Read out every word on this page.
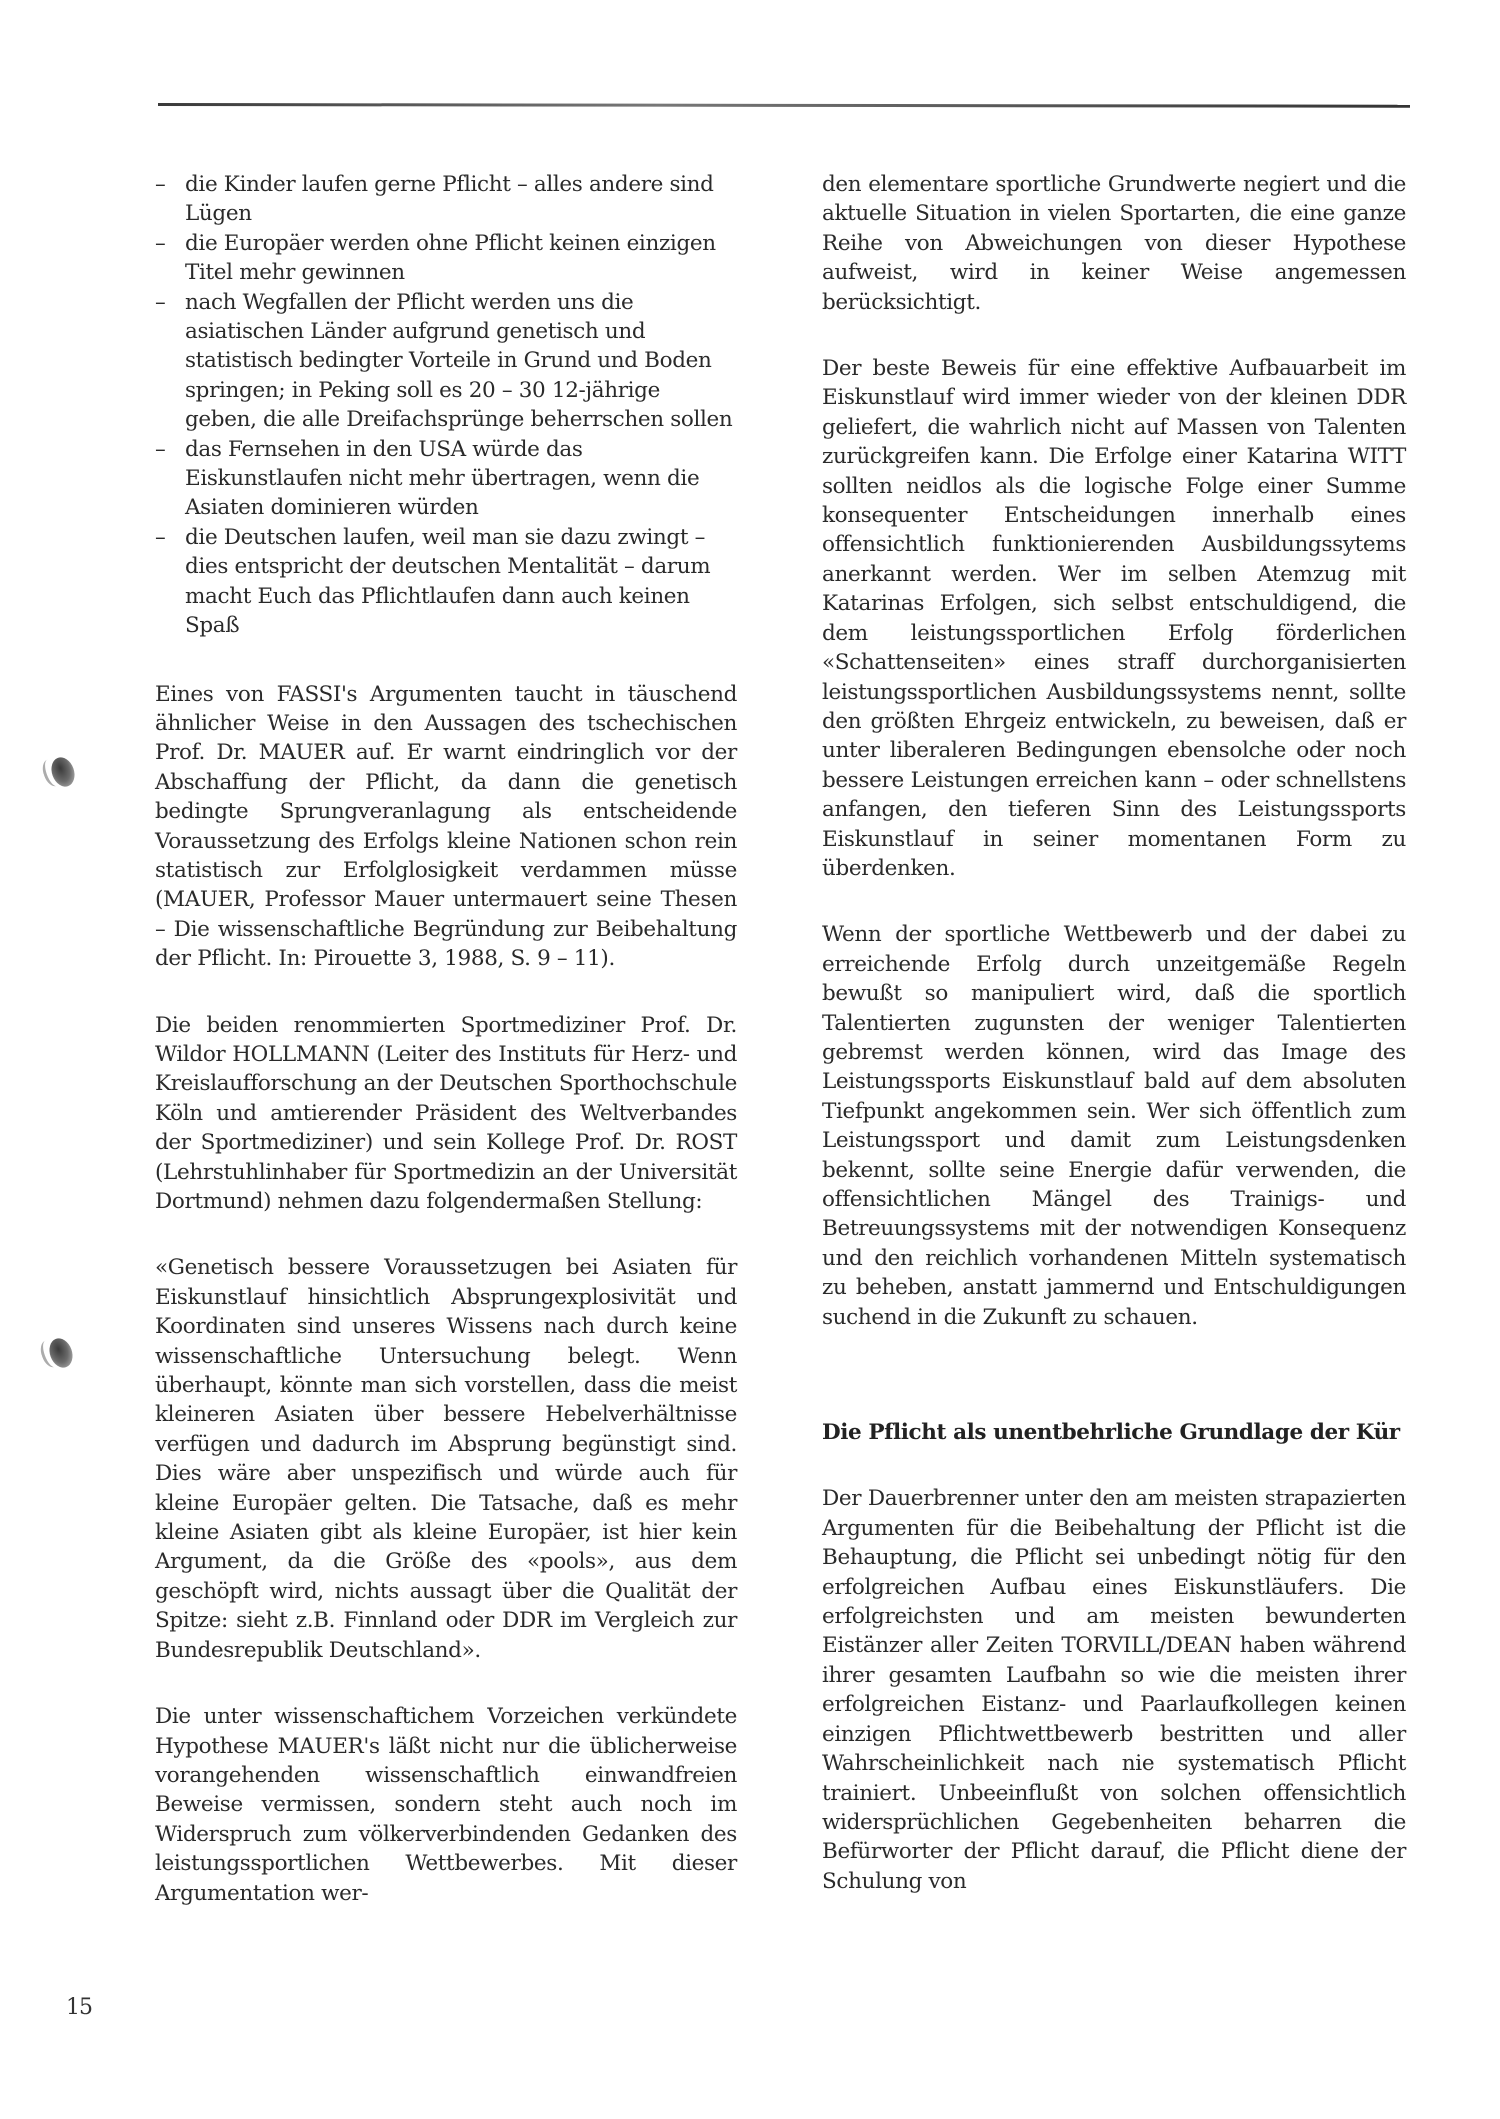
– die Kinder laufen gerne Pflicht – alles andere sind Lügen
– die Europäer werden ohne Pflicht keinen einzigen Titel mehr gewinnen
– nach Wegfallen der Pflicht werden uns die asiatischen Länder aufgrund genetisch und statistisch bedingter Vorteile in Grund und Boden springen; in Peking soll es 20 – 30 12-jährige geben, die alle Dreifachsprünge beherrschen sollen
– das Fernsehen in den USA würde das Eiskunstlaufen nicht mehr übertragen, wenn die Asiaten dominieren würden
– die Deutschen laufen, weil man sie dazu zwingt – dies entspricht der deutschen Mentalität – darum macht Euch das Pflichtlaufen dann auch keinen Spaß

Eines von FASSI's Argumenten taucht in täuschend ähnlicher Weise in den Aussagen des tschechischen Prof. Dr. MAUER auf. Er warnt eindringlich vor der Abschaffung der Pflicht, da dann die genetisch bedingte Sprungveranlagung als entscheidende Voraussetzung des Erfolgs kleine Nationen schon rein statistisch zur Erfolglosigkeit verdammen müsse (MAUER, Professor Mauer untermauert seine Thesen – Die wissenschaftliche Begründung zur Beibehaltung der Pflicht. In: Pirouette 3, 1988, S. 9 – 11).

Die beiden renommierten Sportmediziner Prof. Dr. Wildor HOLLMANN (Leiter des Instituts für Herz- und Kreislaufforschung an der Deutschen Sporthochschule Köln und amtierender Präsident des Weltverbandes der Sportmediziner) und sein Kollege Prof. Dr. ROST (Lehrstuhlinhaber für Sportmedizin an der Universität Dortmund) nehmen dazu folgendermaßen Stellung:

«Genetisch bessere Voraussetzugen bei Asiaten für Eiskunstlauf hinsichtlich Absprungexplosivität und Koordinaten sind unseres Wissens nach durch keine wissenschaftliche Untersuchung belegt. Wenn überhaupt, könnte man sich vorstellen, dass die meist kleineren Asiaten über bessere Hebelverhältnisse verfügen und dadurch im Absprung begünstigt sind. Dies wäre aber unspezifisch und würde auch für kleine Europäer gelten. Die Tatsache, daß es mehr kleine Asiaten gibt als kleine Europäer, ist hier kein Argument, da die Größe des «pools», aus dem geschöpft wird, nichts aussagt über die Qualität der Spitze: sieht z.B. Finnland oder DDR im Vergleich zur Bundesrepublik Deutschland».

Die unter wissenschaftichem Vorzeichen verkündete Hypothese MAUER's läßt nicht nur die üblicherweise vorangehenden wissenschaftlich einwandfreien Beweise vermissen, sondern steht auch noch im Widerspruch zum völkerverbindenden Gedanken des leistungssportlichen Wettbewerbes. Mit dieser Argumentation wer-

den elementare sportliche Grundwerte negiert und die aktuelle Situation in vielen Sportarten, die eine ganze Reihe von Abweichungen von dieser Hypothese aufweist, wird in keiner Weise angemessen berücksichtigt.

Der beste Beweis für eine effektive Aufbauarbeit im Eiskunstlauf wird immer wieder von der kleinen DDR geliefert, die wahrlich nicht auf Massen von Talenten zurückgreifen kann. Die Erfolge einer Katarina WITT sollten neidlos als die logische Folge einer Summe konsequenter Entscheidungen innerhalb eines offensichtlich funktionierenden Ausbildungssytems anerkannt werden. Wer im selben Atemzug mit Katarinas Erfolgen, sich selbst entschuldigend, die dem leistungssportlichen Erfolg förderlichen «Schattenseiten» eines straff durchorganisierten leistungssportlichen Ausbildungssystems nennt, sollte den größten Ehrgeiz entwickeln, zu beweisen, daß er unter liberaleren Bedingungen ebensolche oder noch bessere Leistungen erreichen kann – oder schnellstens anfangen, den tieferen Sinn des Leistungssports Eiskunstlauf in seiner momentanen Form zu überdenken.

Wenn der sportliche Wettbewerb und der dabei zu erreichende Erfolg durch unzeitgemäße Regeln bewußt so manipuliert wird, daß die sportlich Talentierten zugunsten der weniger Talentierten gebremst werden können, wird das Image des Leistungssports Eiskunstlauf bald auf dem absoluten Tiefpunkt angekommen sein. Wer sich öffentlich zum Leistungssport und damit zum Leistungsdenken bekennt, sollte seine Energie dafür verwenden, die offensichtlichen Mängel des Trainigs- und Betreuungssystems mit der notwendigen Konsequenz und den reichlich vorhandenen Mitteln systematisch zu beheben, anstatt jammernd und Entschuldigungen suchend in die Zukunft zu schauen.

Die Pflicht als unentbehrliche Grundlage der Kür

Der Dauerbrenner unter den am meisten strapazierten Argumenten für die Beibehaltung der Pflicht ist die Behauptung, die Pflicht sei unbedingt nötig für den erfolgreichen Aufbau eines Eiskunstläufers. Die erfolgreichsten und am meisten bewunderten Eistänzer aller Zeiten TORVILL/DEAN haben während ihrer gesamten Laufbahn so wie die meisten ihrer erfolgreichen Eistanz- und Paarlaufkollegen keinen einzigen Pflichtwettbewerb bestritten und aller Wahrscheinlichkeit nach nie systematisch Pflicht trainiert. Unbeeinflußt von solchen offensichtlich widersprüchlichen Gegebenheiten beharren die Befürworter der Pflicht darauf, die Pflicht diene der Schulung von

15
